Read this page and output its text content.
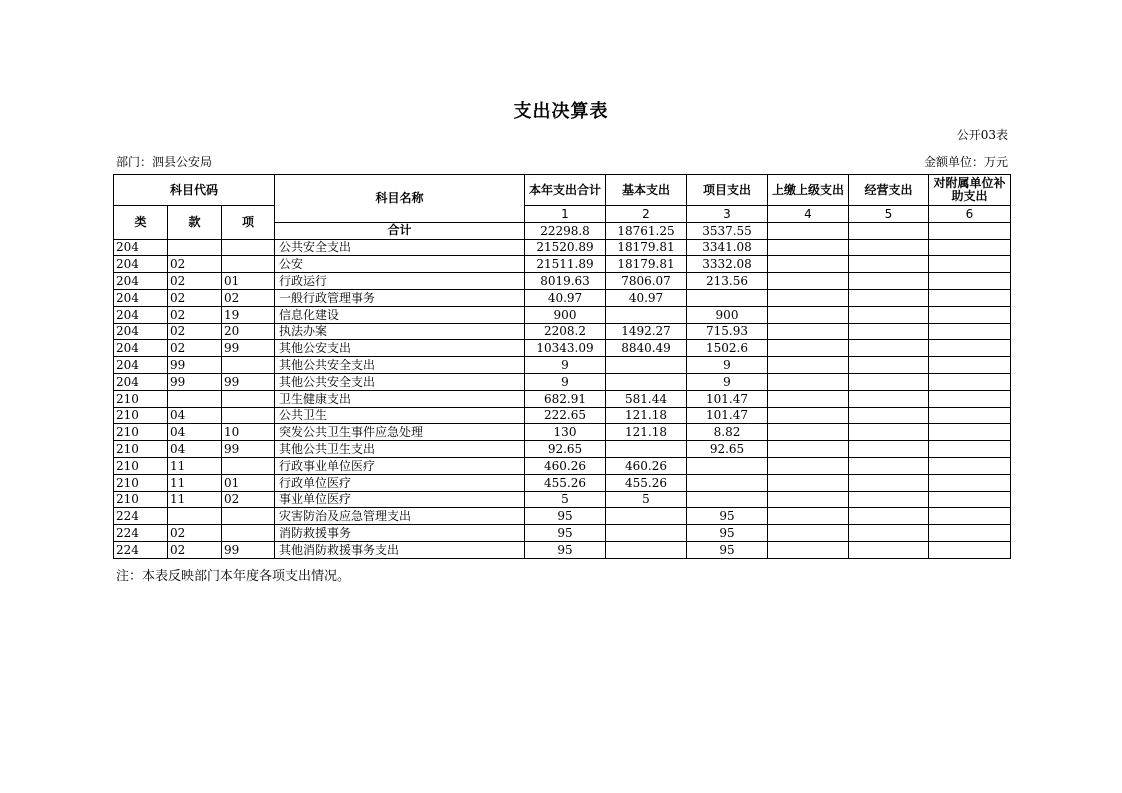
支出决算表
公开03表
部门：泗县公安局	金额单位：万元
科目代码			科目名称	本年支出合计	基本支出	项目支出	上缴上级支出	经营支出	对附属单位补助支出
类	款	项		1	2	3	4	5	6
			合计	22298.8	18761.25	3537.55			
204			公共安全支出	21520.89	18179.81	3341.08			
204	02		公安	21511.89	18179.81	3332.08			
204	02	01	行政运行	8019.63	7806.07	213.56			
204	02	02	一般行政管理事务	40.97	40.97				
204	02	19	信息化建设	900		900			
204	02	20	执法办案	2208.2	1492.27	715.93			
204	02	99	其他公安支出	10343.09	8840.49	1502.6			
204	99		其他公共安全支出	9		9			
204	99	99	其他公共安全支出	9		9			
210			卫生健康支出	682.91	581.44	101.47			
210	04		公共卫生	222.65	121.18	101.47			
210	04	10	突发公共卫生事件应急处理	130	121.18	8.82			
210	04	99	其他公共卫生支出	92.65		92.65			
210	11		行政事业单位医疗	460.26	460.26				
210	11	01	行政单位医疗	455.26	455.26				
210	11	02	事业单位医疗	5	5				
224			灾害防治及应急管理支出	95		95			
224	02		消防救援事务	95		95			
224	02	99	其他消防救援事务支出	95		95			
注：本表反映部门本年度各项支出情况。
